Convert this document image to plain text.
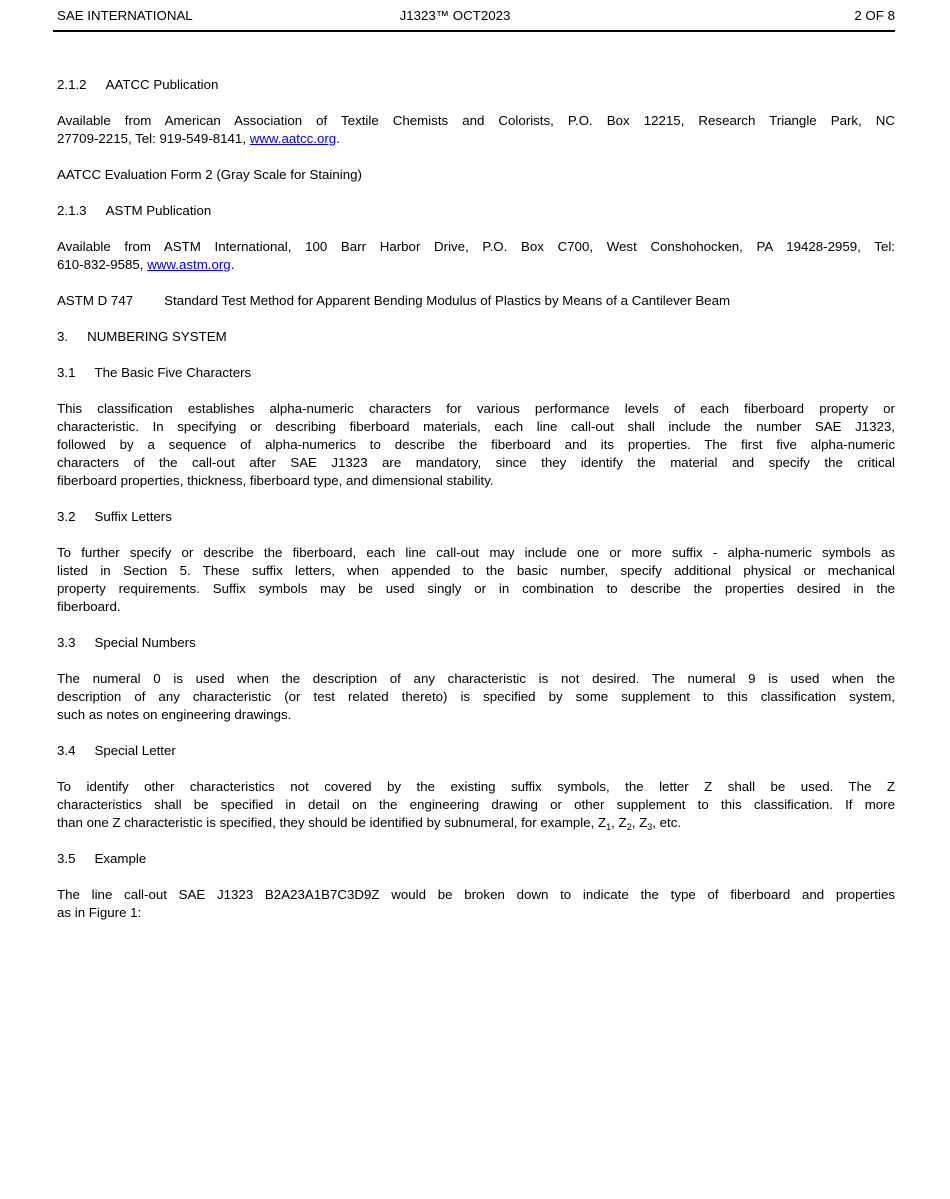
SAE INTERNATIONAL	J1323™ OCT2023	2 OF 8
2.1.2 AATCC Publication
Available from American Association of Textile Chemists and Colorists, P.O. Box 12215, Research Triangle Park, NC
27709-2215, Tel: 919-549-8141, www.aatcc.org.
AATCC Evaluation Form 2 (Gray Scale for Staining)
2.1.3 ASTM Publication
Available from ASTM International, 100 Barr Harbor Drive, P.O. Box C700, West Conshohocken, PA 19428-2959, Tel:
610-832-9585, www.astm.org.
ASTM D 747 Standard Test Method for Apparent Bending Modulus of Plastics by Means of a Cantilever Beam
3. NUMBERING SYSTEM
3.1 The Basic Five Characters
This classification establishes alpha-numeric characters for various performance levels of each fiberboard property or
characteristic. In specifying or describing fiberboard materials, each line call-out shall include the number SAE J1323,
followed by a sequence of alpha-numerics to describe the fiberboard and its properties. The first five alpha-numeric
characters of the call-out after SAE J1323 are mandatory, since they identify the material and specify the critical
fiberboard properties, thickness, fiberboard type, and dimensional stability.
3.2 Suffix Letters
To further specify or describe the fiberboard, each line call-out may include one or more suffix - alpha-numeric symbols as
listed in Section 5. These suffix letters, when appended to the basic number, specify additional physical or mechanical
property requirements. Suffix symbols may be used singly or in combination to describe the properties desired in the
fiberboard.
3.3 Special Numbers
The numeral 0 is used when the description of any characteristic is not desired. The numeral 9 is used when the
description of any characteristic (or test related thereto) is specified by some supplement to this classification system,
such as notes on engineering drawings.
3.4 Special Letter
To identify other characteristics not covered by the existing suffix symbols, the letter Z shall be used. The Z
characteristics shall be specified in detail on the engineering drawing or other supplement to this classification. If more
than one Z characteristic is specified, they should be identified by subnumeral, for example, $Z_1$, $Z_2$, $Z_3$, etc.
3.5 Example
The line call-out SAE J1323 B2A23A1B7C3D9Z would be broken down to indicate the type of fiberboard and properties
as in Figure 1:
